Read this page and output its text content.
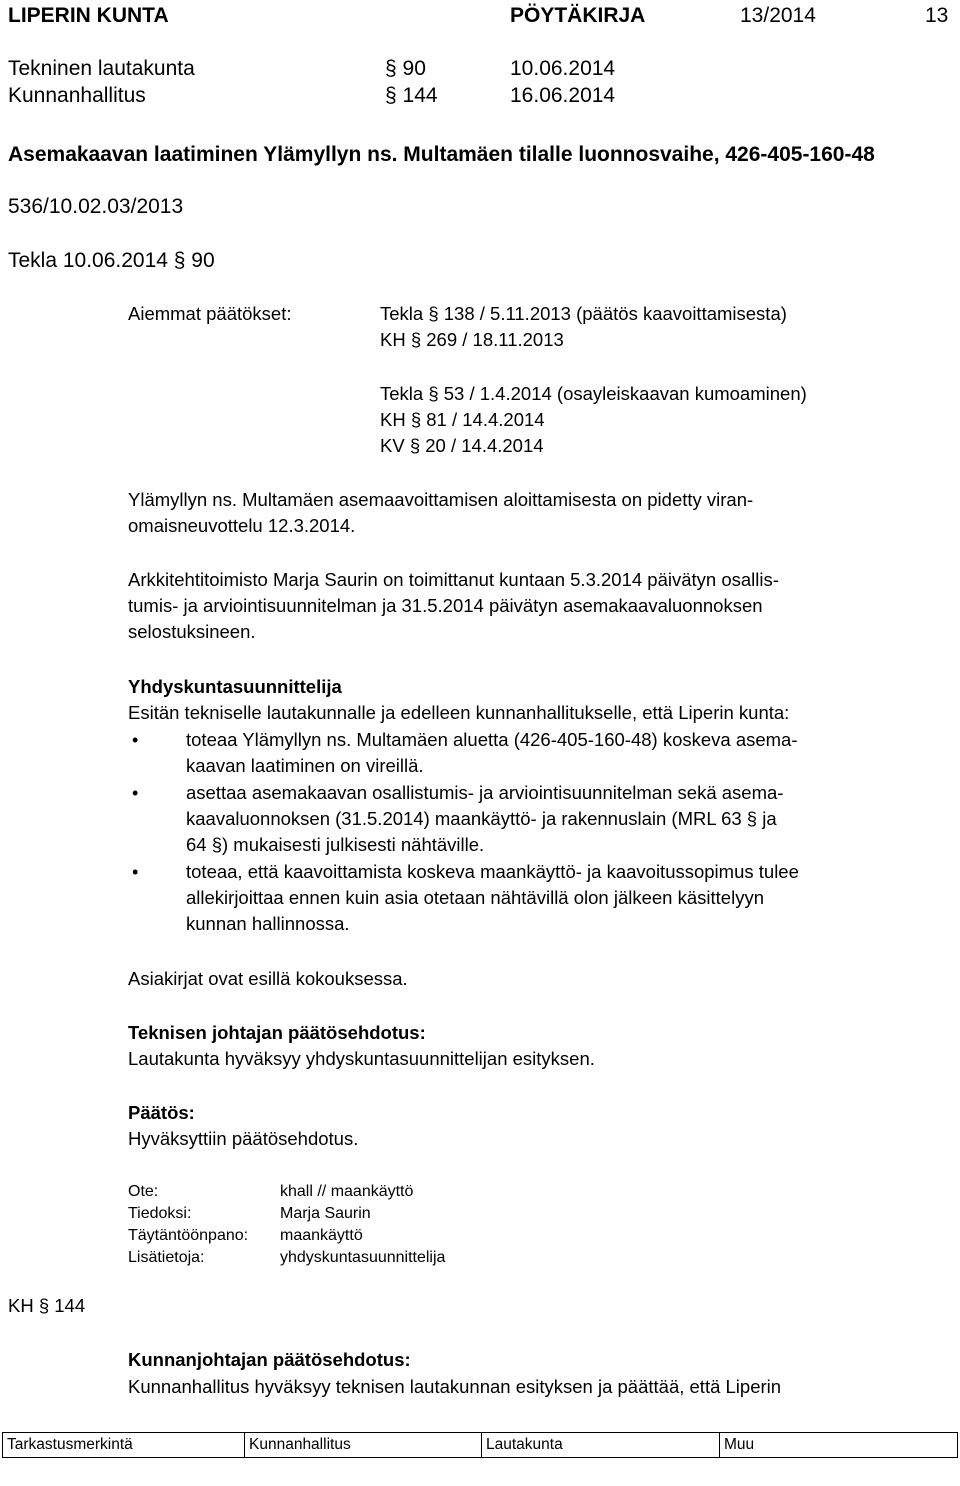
LIPERIN KUNTA	PÖYTÄKIRJA	13/2014	13
Tekninen lautakunta	§ 90	10.06.2014
Kunnanhallitus	§ 144	16.06.2014
Asemakaavan laatiminen Ylämyllyn ns. Multamäen tilalle luonnosvaihe, 426-405-160-48
536/10.02.03/2013
Tekla 10.06.2014 § 90
Aiemmat päätökset:	Tekla § 138 / 5.11.2013 (päätös kaavoittamisesta)
KH § 269 / 18.11.2013
Tekla § 53 / 1.4.2014 (osayleiskaavan kumoaminen)
KH § 81 / 14.4.2014
KV § 20 / 14.4.2014
Ylämyllyn ns. Multamäen asemaavoittamisen aloittamisesta on pidetty viran-
omaisneuvottelu 12.3.2014.
Arkkitehtitoimisto Marja Saurin on toimittanut kuntaan 5.3.2014 päivätyn osallis-
tumis- ja arviointisuunnitelman ja 31.5.2014 päivätyn asemakaavaluonnoksen
selostuksineen.
Yhdyskuntasuunnittelija
Esitän tekniselle lautakunnalle ja edelleen kunnanhallitukselle, että Liperin kunta:
•	toteaa Ylämyllyn ns. Multamäen aluetta (426-405-160-48) koskeva asema-
kaavan laatiminen on vireillä.
•	asettaa asemakaavan osallistumis- ja arviointisuunnitelman sekä asema-
kaavaluonnoksen (31.5.2014) maankäyttö- ja rakennuslain (MRL 63 § ja
64 §) mukaisesti julkisesti nähtäville.
•	toteaa, että kaavoittamista koskeva maankäyttö- ja kaavoitussopimus tulee
allekirjoittaa ennen kuin asia otetaan nähtävillä olon jälkeen käsittelyyn
kunnan hallinnossa.
Asiakirjat ovat esillä kokouksessa.
Teknisen johtajan päätösehdotus:
Lautakunta hyväksyy yhdyskuntasuunnittelijan esityksen.
Päätös:
Hyväksyttiin päätösehdotus.
Ote:	khall // maankäyttö
Tiedoksi:	Marja Saurin
Täytäntöönpano: maankäyttö
Lisätietoja:	yhdyskuntasuunnittelija
KH § 144
Kunnanjohtajan päätösehdotus:
Kunnanhallitus hyväksyy teknisen lautakunnan esityksen ja päättää, että Liperin
Tarkastusmerkintä	Kunnanhallitus	Lautakunta	Muu
